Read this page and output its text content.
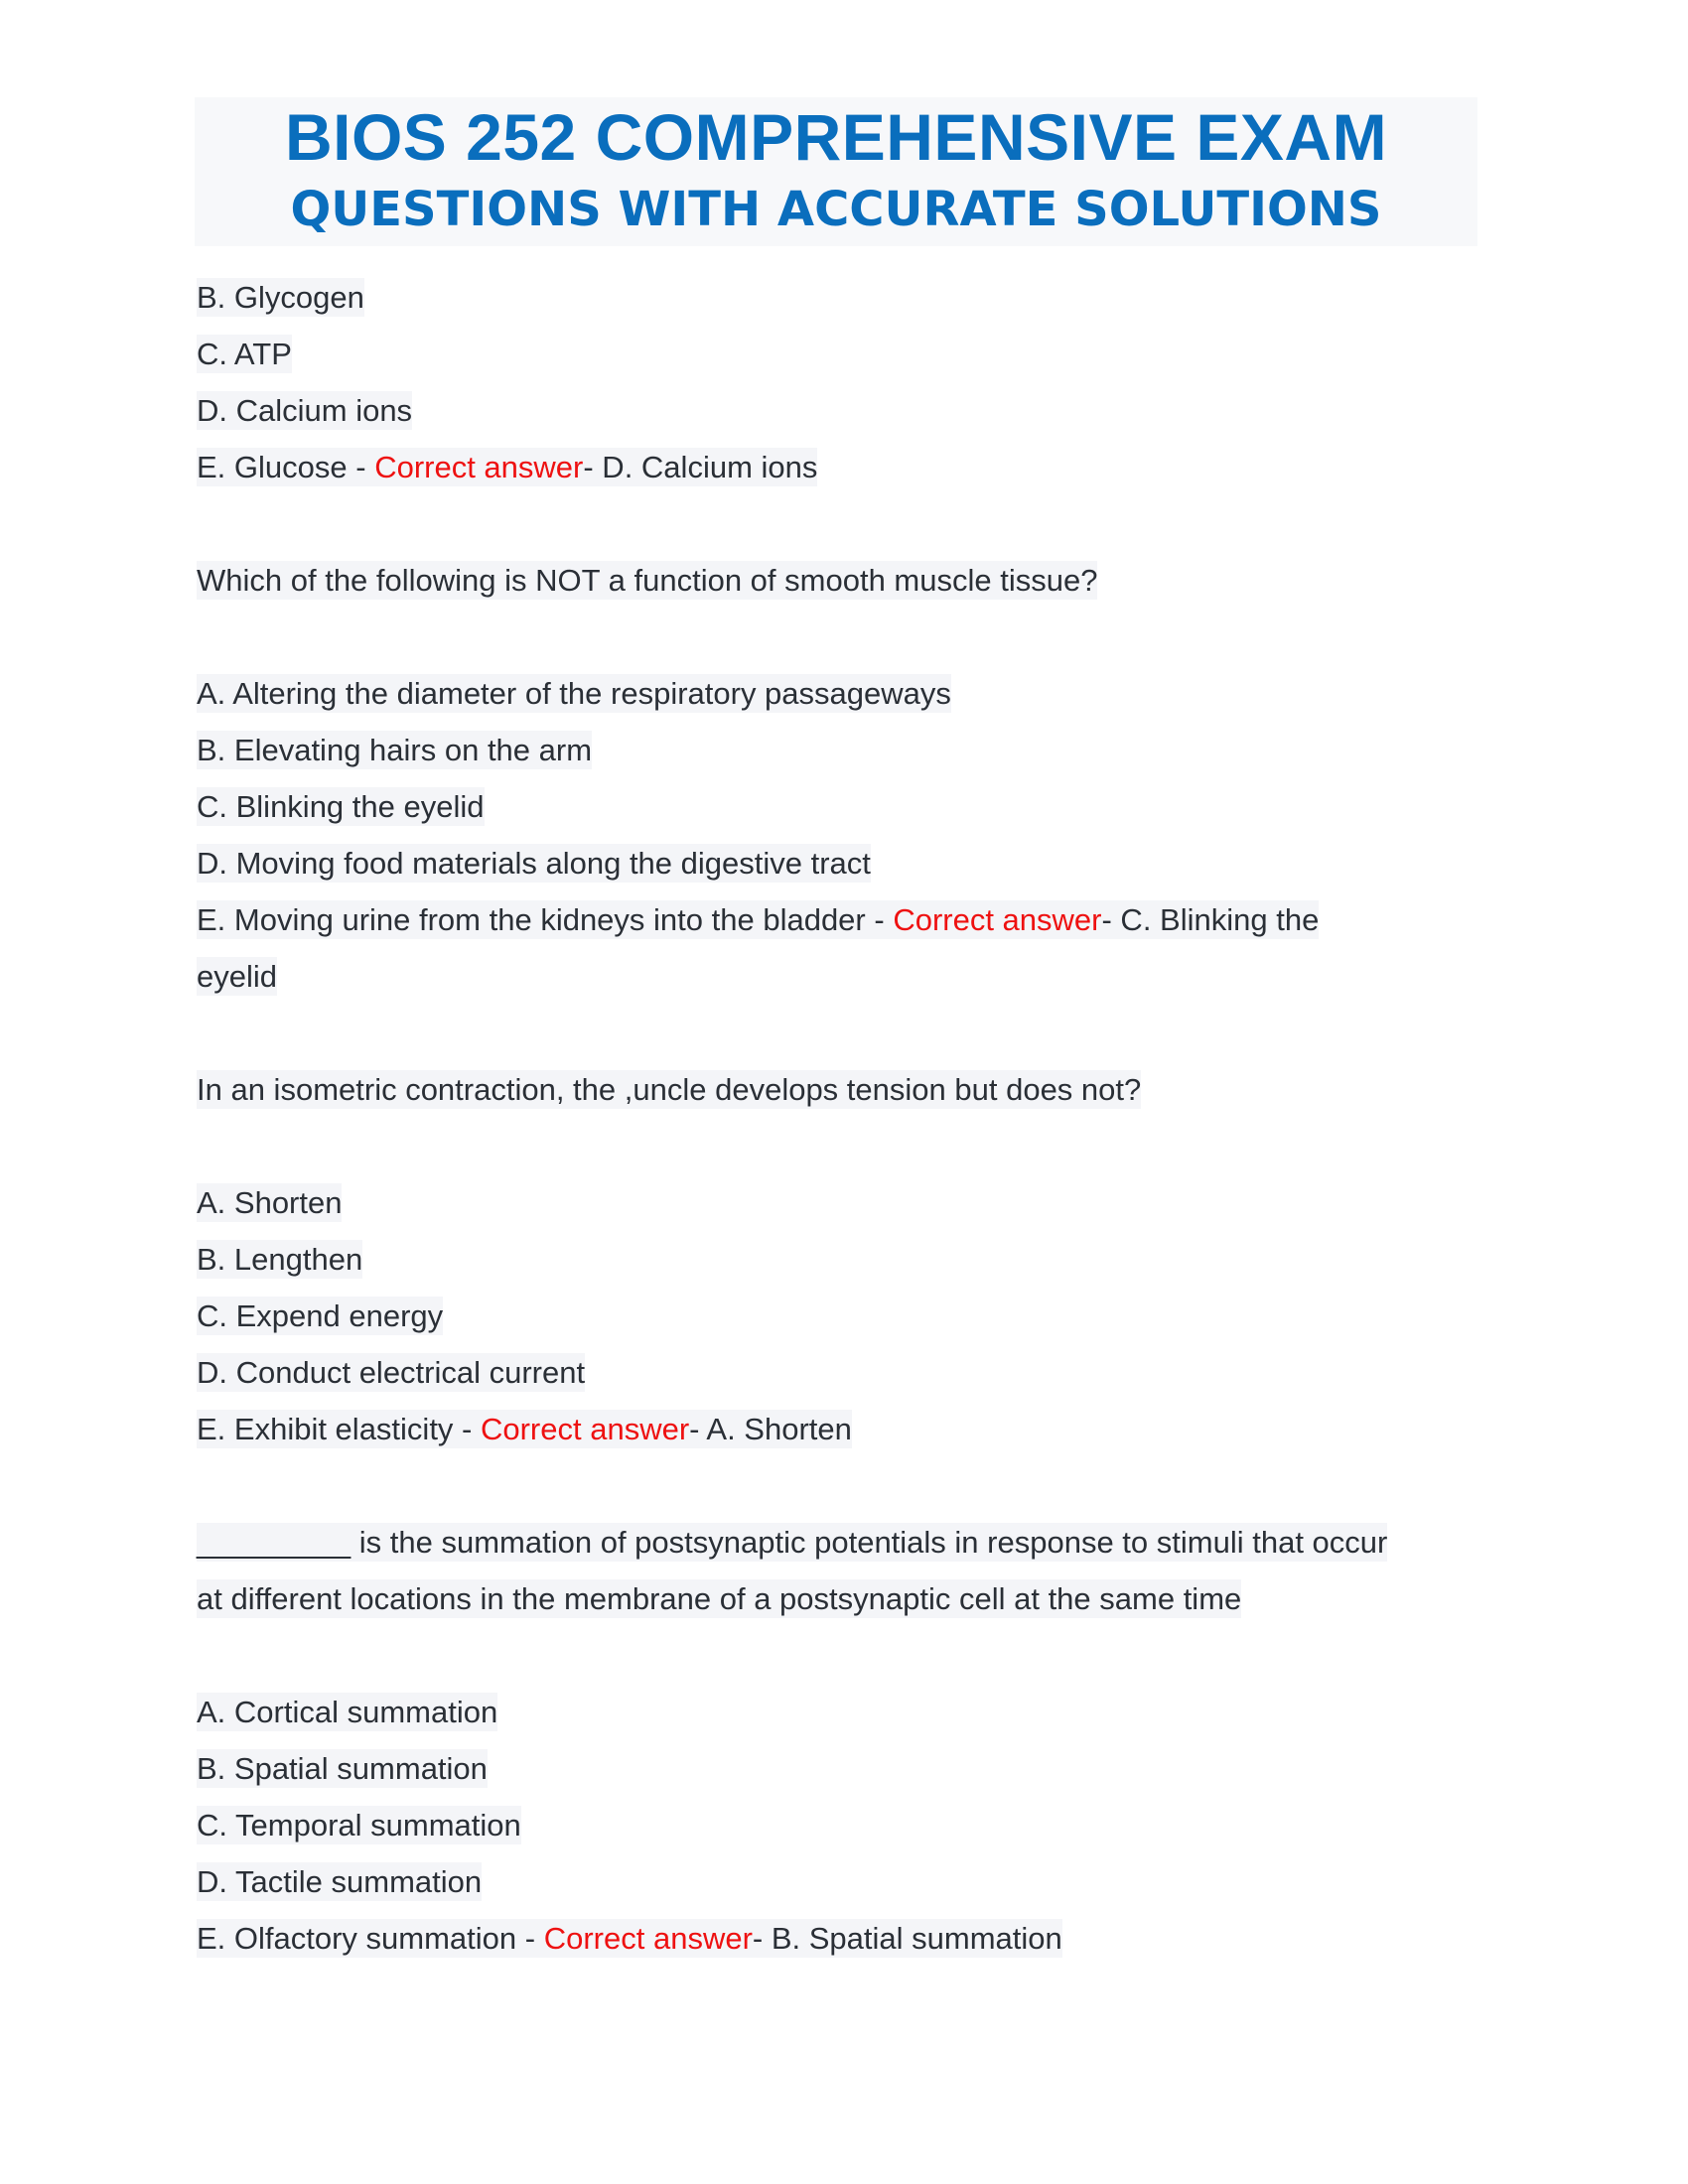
BIOS 252 COMPREHENSIVE EXAM
QUESTIONS WITH ACCURATE SOLUTIONS
B. Glycogen
C. ATP
D. Calcium ions
E. Glucose - Correct answer- D. Calcium ions
Which of the following is NOT a function of smooth muscle tissue?
A. Altering the diameter of the respiratory passageways
B. Elevating hairs on the arm
C. Blinking the eyelid
D. Moving food materials along the digestive tract
E. Moving urine from the kidneys into the bladder - Correct answer- C. Blinking the
eyelid
In an isometric contraction, the ,uncle develops tension but does not?
A. Shorten
B. Lengthen
C. Expend energy
D. Conduct electrical current
E. Exhibit elasticity - Correct answer- A. Shorten
_________ is the summation of postsynaptic potentials in response to stimuli that occur
at different locations in the membrane of a postsynaptic cell at the same time
A. Cortical summation
B. Spatial summation
C. Temporal summation
D. Tactile summation
E. Olfactory summation - Correct answer- B. Spatial summation
